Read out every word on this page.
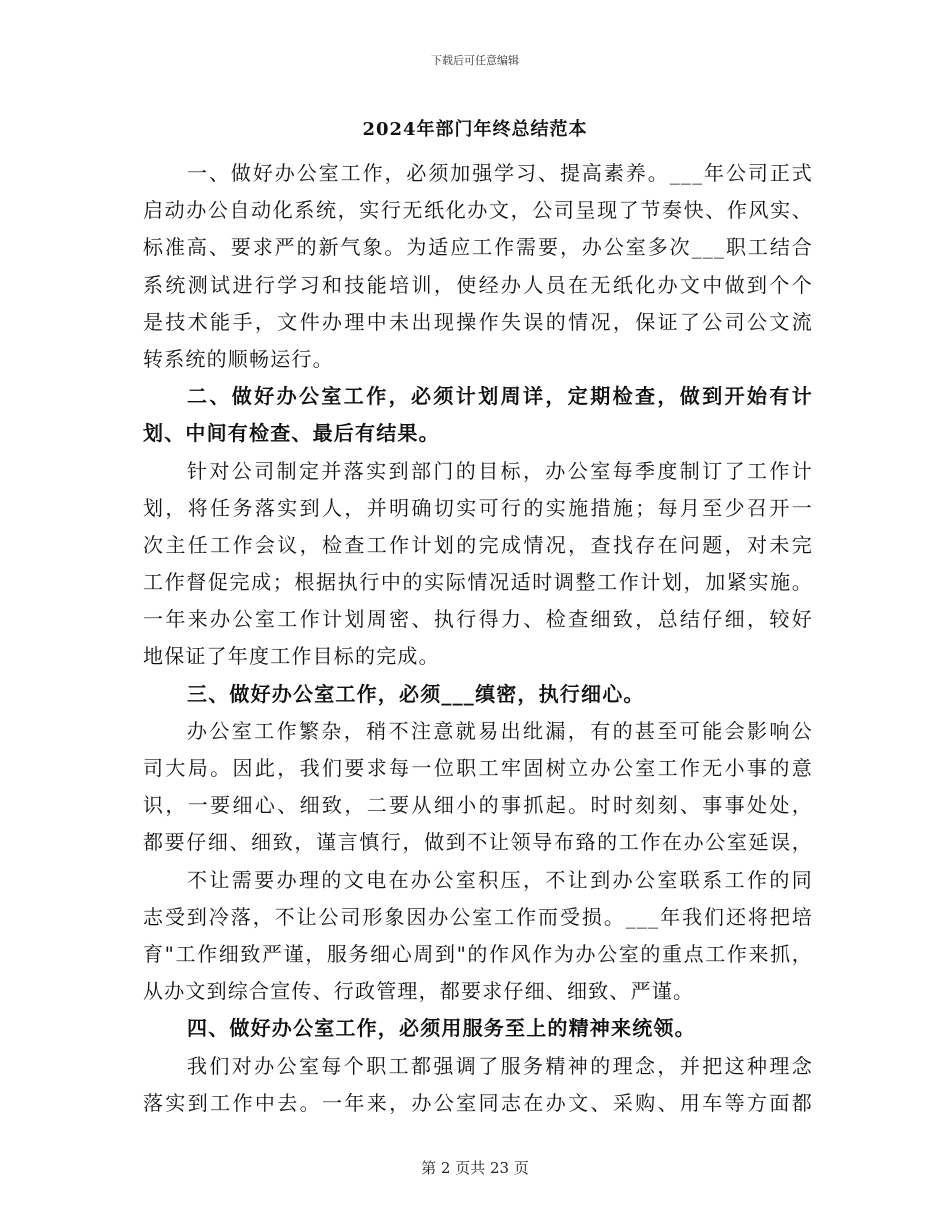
下载后可任意编辑
2024年部门年终总结范本
一、做好办公室工作，必须加强学习、提高素养。___年公司正式
启动办公自动化系统，实行无纸化办文，公司呈现了节奏快、作风实、
标准高、要求严的新气象。为适应工作需要，办公室多次___职工结合
系统测试进行学习和技能培训，使经办人员在无纸化办文中做到个个
是技术能手，文件办理中未出现操作失误的情况，保证了公司公文流
转系统的顺畅运行。
二、做好办公室工作，必须计划周详，定期检查，做到开始有计
划、中间有检查、最后有结果。
针对公司制定并落实到部门的目标，办公室每季度制订了工作计
划，将任务落实到人，并明确切实可行的实施措施；每月至少召开一
次主任工作会议，检查工作计划的完成情况，查找存在问题，对未完
工作督促完成；根据执行中的实际情况适时调整工作计划，加紧实施。
一年来办公室工作计划周密、执行得力、检查细致，总结仔细，较好
地保证了年度工作目标的完成。
三、做好办公室工作，必须___缜密，执行细心。
办公室工作繁杂，稍不注意就易出纰漏，有的甚至可能会影响公
司大局。因此，我们要求每一位职工牢固树立办公室工作无小事的意
识，一要细心、细致，二要从细小的事抓起。时时刻刻、事事处处，
都要仔细、细致，谨言慎行，做到不让领导布臵的工作在办公室延误，
不让需要办理的文电在办公室积压，不让到办公室联系工作的同
志受到冷落，不让公司形象因办公室工作而受损。___年我们还将把培
育"工作细致严谨，服务细心周到"的作风作为办公室的重点工作来抓，
从办文到综合宣传、行政管理，都要求仔细、细致、严谨。
四、做好办公室工作，必须用服务至上的精神来统领。
我们对办公室每个职工都强调了服务精神的理念，并把这种理念
落实到工作中去。一年来，办公室同志在办文、采购、用车等方面都
第 2 页共 23 页
